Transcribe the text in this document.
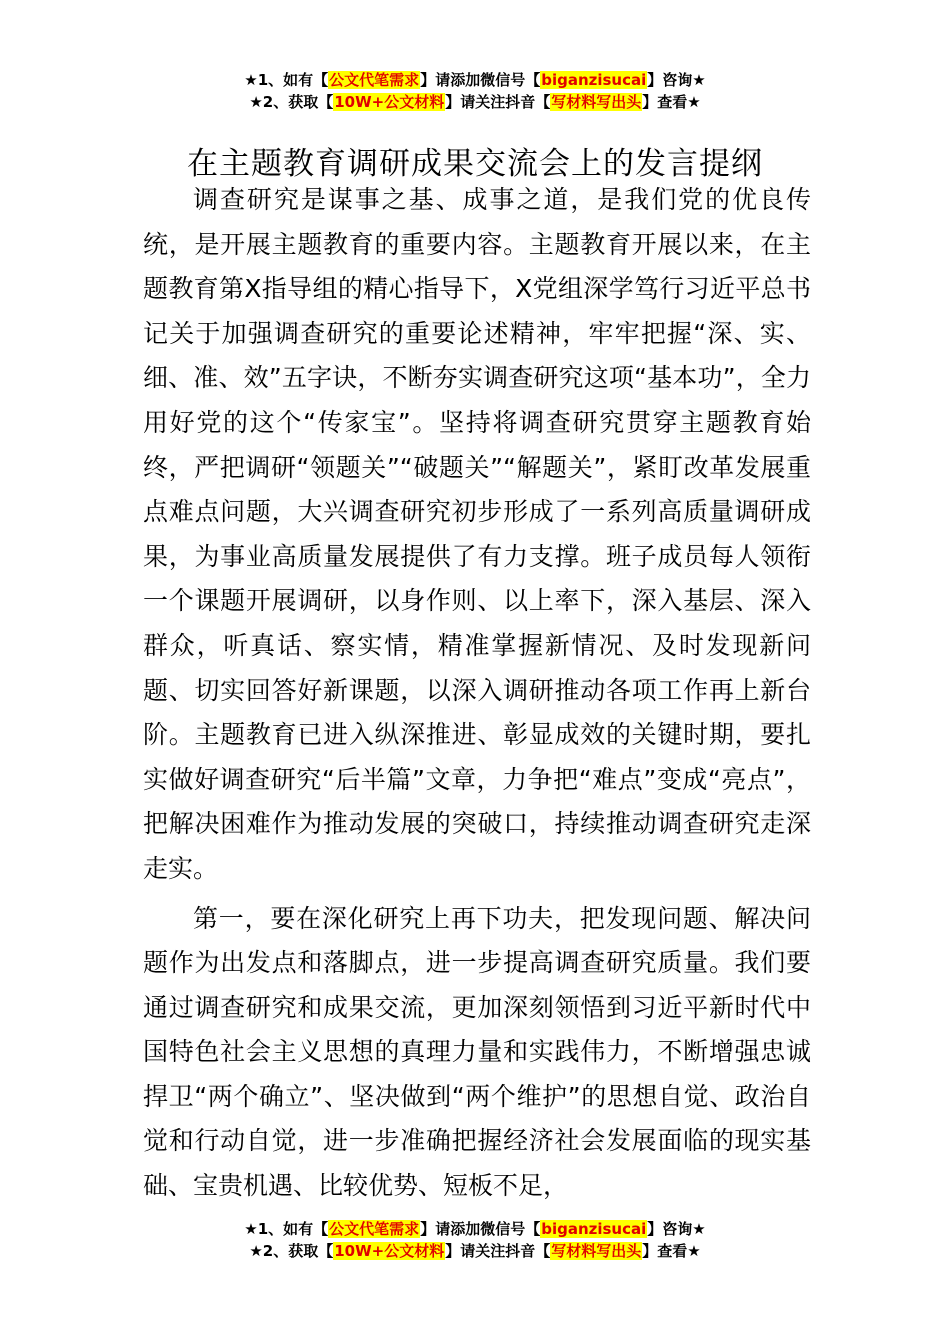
★1、如有【公文代笔需求】请添加微信号【biganzisucai】咨询★
★2、获取【10W+公文材料】请关注抖音【写材料写出头】查看★
在主题教育调研成果交流会上的发言提纲

调查研究是谋事之基、成事之道，是我们党的优良传统，是开展主题教育的重要内容。主题教育开展以来，在主题教育第X指导组的精心指导下，X党组深学笃行习近平总书记关于加强调查研究的重要论述精神，牢牢把握“深、实、细、准、效”五字诀，不断夯实调查研究这项“基本功”，全力用好党的这个“传家宝”。坚持将调查研究贯穿主题教育始终，严把调研“领题关”“破题关”“解题关”，紧盯改革发展重点难点问题，大兴调查研究初步形成了一系列高质量调研成果，为事业高质量发展提供了有力支撑。班子成员每人领衔一个课题开展调研，以身作则、以上率下，深入基层、深入群众，听真话、察实情，精准掌握新情况、及时发现新问题、切实回答好新课题，以深入调研推动各项工作再上新台阶。主题教育已进入纵深推进、彰显成效的关键时期，要扎实做好调查研究“后半篇”文章，力争把“难点”变成“亮点”，把解决困难作为推动发展的突破口，持续推动调查研究走深走实。

第一，要在深化研究上再下功夫，把发现问题、解决问题作为出发点和落脚点，进一步提高调查研究质量。我们要通过调查研究和成果交流，更加深刻领悟到习近平新时代中国特色社会主义思想的真理力量和实践伟力，不断增强忠诚捍卫“两个确立”、坚决做到“两个维护”的思想自觉、政治自觉和行动自觉，进一步准确把握经济社会发展面临的现实基础、宝贵机遇、比较优势、短板不足，

★1、如有【公文代笔需求】请添加微信号【biganzisucai】咨询★
★2、获取【10W+公文材料】请关注抖音【写材料写出头】查看★
